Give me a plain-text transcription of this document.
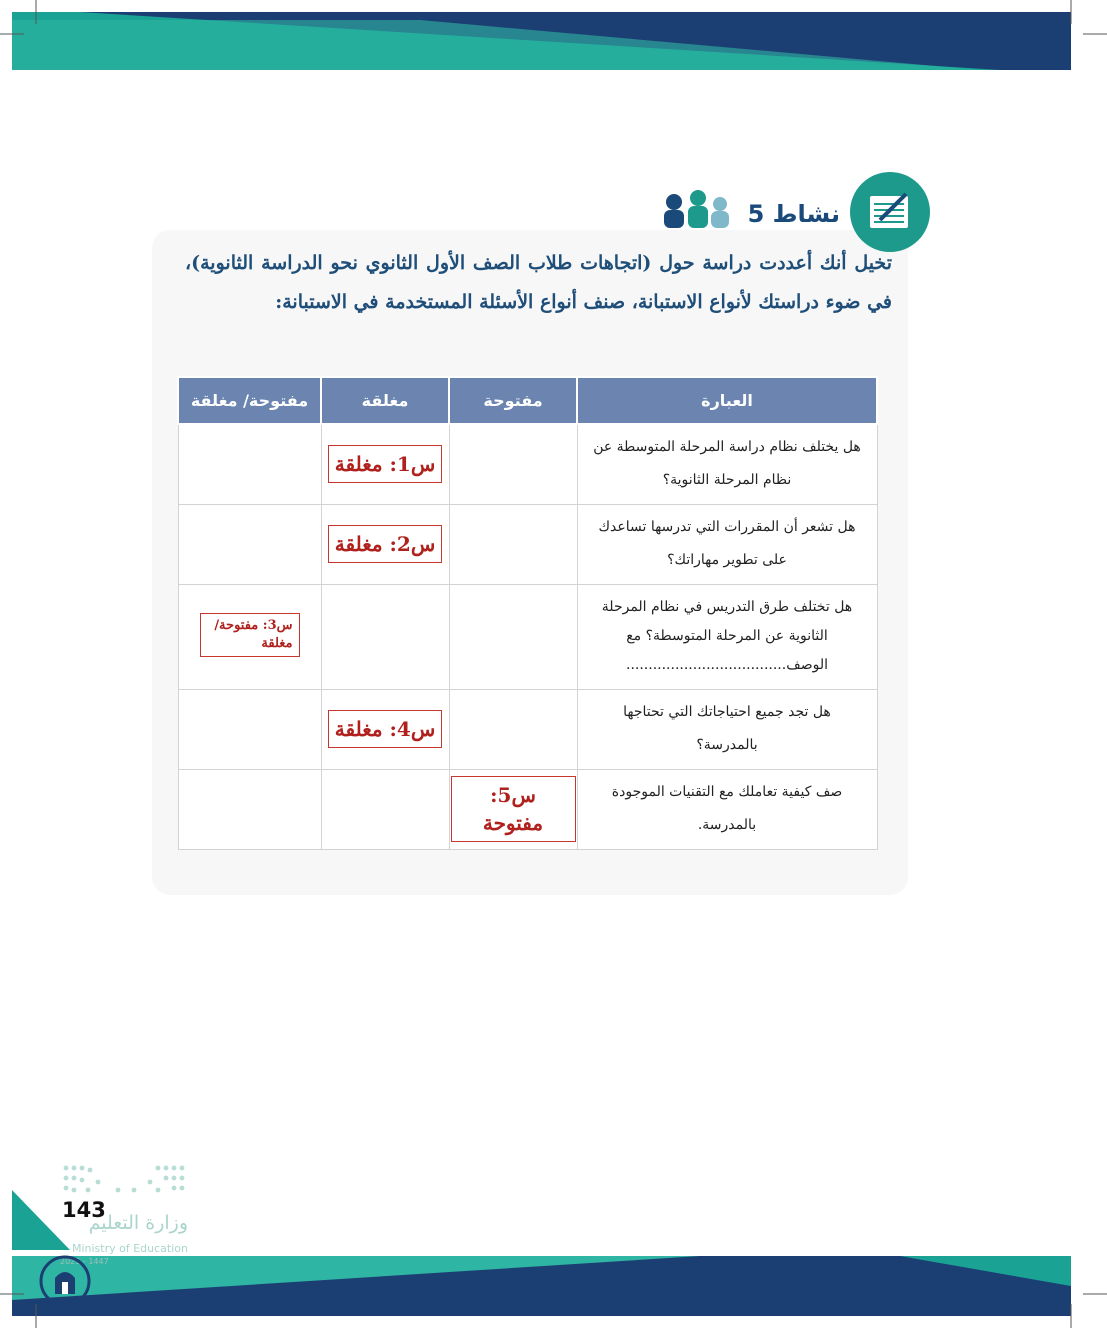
نشاط 5
تخيل أنك أعددت دراسة حول (اتجاهات طلاب الصف الأول الثانوي نحو الدراسة الثانوية)، في ضوء دراستك لأنواع الاستبانة، صنف أنواع الأسئلة المستخدمة في الاستبانة:
العبارة	مفتوحة	مغلقة	مفتوحة/ مغلقة
هل يختلف نظام دراسة المرحلة المتوسطة عن نظام المرحلة الثانوية؟		س1: مغلقة	
هل تشعر أن المقررات التي تدرسها تساعدك على تطوير مهاراتك؟		س2: مغلقة	
هل تختلف طرق التدريس في نظام المرحلة الثانوية عن المرحلة المتوسطة؟ مع الوصف....................................			س3: مفتوحة/ مغلقة
هل تجد جميع احتياجاتك التي تحتاجها بالمدرسة؟		س4: مغلقة	
صف كيفية تعاملك مع التقنيات الموجودة بالمدرسة.	س5: مفتوحة		
وزارة التعليم
Ministry of Education
2025 - 1447
143
